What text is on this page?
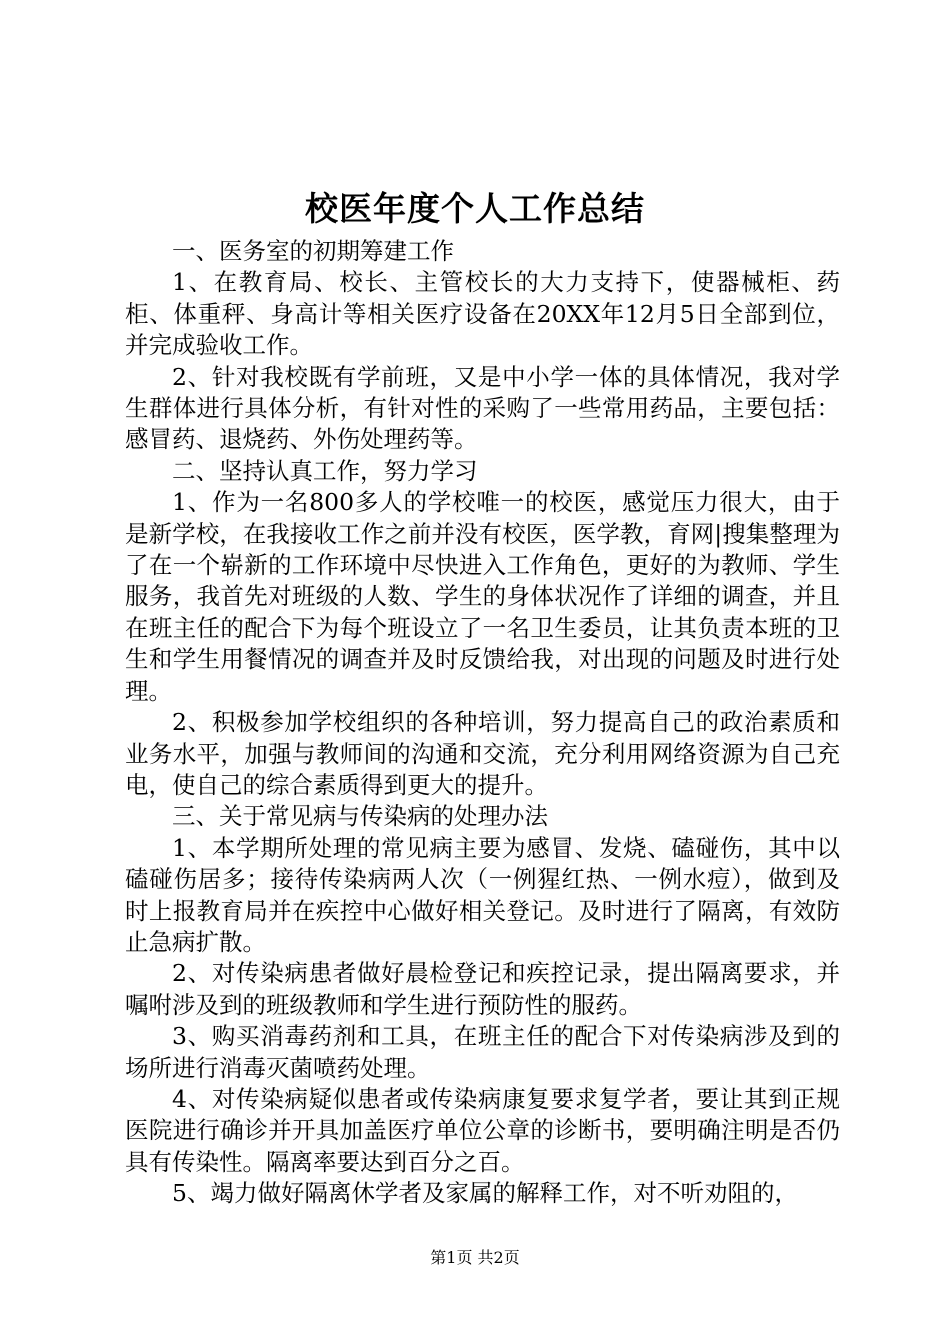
校医年度个人工作总结

一、医务室的初期筹建工作

1、在教育局、校长、主管校长的大力支持下，使器械柜、药柜、体重秤、身高计等相关医疗设备在20XX年12月5日全部到位，并完成验收工作。

2、针对我校既有学前班，又是中小学一体的具体情况，我对学生群体进行具体分析，有针对性的采购了一些常用药品，主要包括：感冒药、退烧药、外伤处理药等。

二、坚持认真工作，努力学习

1、作为一名800多人的学校唯一的校医，感觉压力很大，由于是新学校，在我接收工作之前并没有校医，医学教，育网|搜集整理为了在一个崭新的工作环境中尽快进入工作角色，更好的为教师、学生服务，我首先对班级的人数、学生的身体状况作了详细的调查，并且在班主任的配合下为每个班设立了一名卫生委员，让其负责本班的卫生和学生用餐情况的调查并及时反馈给我，对出现的问题及时进行处理。

2、积极参加学校组织的各种培训，努力提高自己的政治素质和业务水平，加强与教师间的沟通和交流，充分利用网络资源为自己充电，使自己的综合素质得到更大的提升。

三、关于常见病与传染病的处理办法

1、本学期所处理的常见病主要为感冒、发烧、磕碰伤，其中以磕碰伤居多；接待传染病两人次（一例猩红热、一例水痘），做到及时上报教育局并在疾控中心做好相关登记。及时进行了隔离，有效防止急病扩散。

2、对传染病患者做好晨检登记和疾控记录，提出隔离要求，并嘱咐涉及到的班级教师和学生进行预防性的服药。

3、购买消毒药剂和工具，在班主任的配合下对传染病涉及到的场所进行消毒灭菌喷药处理。

4、对传染病疑似患者或传染病康复要求复学者，要让其到正规医院进行确诊并开具加盖医疗单位公章的诊断书，要明确注明是否仍具有传染性。隔离率要达到百分之百。

5、竭力做好隔离休学者及家属的解释工作，对不听劝阻的，

第1页 共2页
